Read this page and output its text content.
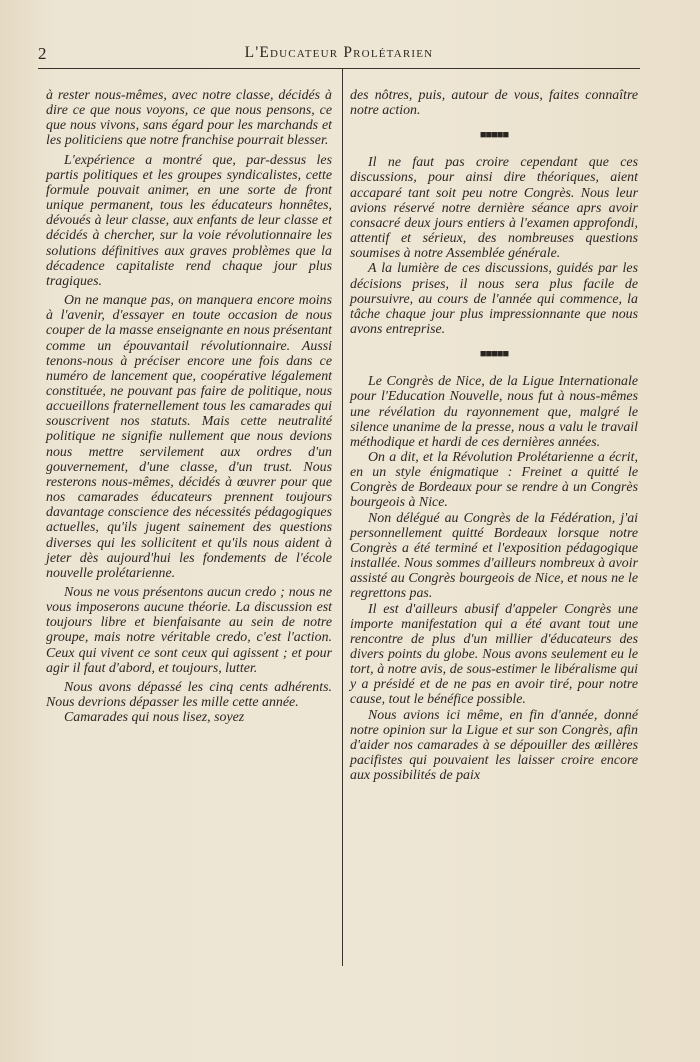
2	L'Educateur Prolétarien

à rester nous-mêmes, avec notre classe, décidés à dire ce que nous voyons, ce que nous pensons, ce que nous vivons, sans égard pour les marchands et les politiciens que notre franchise pourrait blesser.

L'expérience a montré que, par-dessus les partis politiques et les groupes syndicalistes, cette formule pouvait animer, en une sorte de front unique permanent, tous les éducateurs honnêtes, dévoués à leur classe, aux enfants de leur classe et décidés à chercher, sur la voie révolutionnaire les solutions définitives aux graves problèmes que la décadence capitaliste rend chaque jour plus tragiques.

On ne manque pas, on manquera encore moins à l'avenir, d'essayer en toute occasion de nous couper de la masse enseignante en nous présentant comme un épouvantail révolutionnaire. Aussi tenons-nous à préciser encore une fois dans ce numéro de lancement que, coopérative légalement constituée, ne pouvant pas faire de politique, nous accueillons fraternellement tous les camarades qui souscrivent nos statuts. Mais cette neutralité politique ne signifie nullement que nous devions nous mettre servilement aux ordres d'un gouvernement, d'une classe, d'un trust. Nous resterons nous-mêmes, décidés à œuvrer pour que nos camarades éducateurs prennent toujours davantage conscience des nécessités pédagogiques actuelles, qu'ils jugent sainement des questions diverses qui les sollicitent et qu'ils nous aident à jeter dès aujourd'hui les fondements de l'école nouvelle prolétarienne.

Nous ne vous présentons aucun credo ; nous ne vous imposerons aucune théorie. La discussion est toujours libre et bienfaisante au sein de notre groupe, mais notre véritable credo, c'est l'action. Ceux qui vivent ce sont ceux qui agissent ; et pour agir il faut d'abord, et toujours, lutter.

Nous avons dépassé les cinq cents adhérents. Nous devrions dépasser les mille cette année.

Camarades qui nous lisez, soyez

des nôtres, puis, autour de vous, faites connaître notre action.

■■■■■

Il ne faut pas croire cependant que ces discussions, pour ainsi dire théoriques, aient accaparé tant soit peu notre Congrès. Nous leur avions réservé notre dernière séance aprs avoir consacré deux jours entiers à l'examen approfondi, attentif et sérieux, des nombreuses questions soumises à notre Assemblée générale.

A la lumière de ces discussions, guidés par les décisions prises, il nous sera plus facile de poursuivre, au cours de l'année qui commence, la tâche chaque jour plus impressionnante que nous avons entreprise.

■■■■■

Le Congrès de Nice, de la Ligue Internationale pour l'Education Nouvelle, nous fut à nous-mêmes une révélation du rayonnement que, malgré le silence unanime de la presse, nous a valu le travail méthodique et hardi de ces dernières années.

On a dit, et la Révolution Prolétarienne a écrit, en un style énigmatique : Freinet a quitté le Congrès de Bordeaux pour se rendre à un Congrès bourgeois à Nice.

Non délégué au Congrès de la Fédération, j'ai personnellement quitté Bordeaux lorsque notre Congrès a été terminé et l'exposition pédagogique installée. Nous sommes d'ailleurs nombreux à avoir assisté au Congrès bourgeois de Nice, et nous ne le regrettons pas.

Il est d'ailleurs abusif d'appeler Congrès une importe manifestation qui a été avant tout une rencontre de plus d'un millier d'éducateurs des divers points du globe. Nous avons seulement eu le tort, à notre avis, de sous-estimer le libéralisme qui y a présidé et de ne pas en avoir tiré, pour notre cause, tout le bénéfice possible.

Nous avions ici même, en fin d'année, donné notre opinion sur la Ligue et sur son Congrès, afin d'aider nos camarades à se dépouiller des œillères pacifistes qui pouvaient les laisser croire encore aux possibilités de paix
